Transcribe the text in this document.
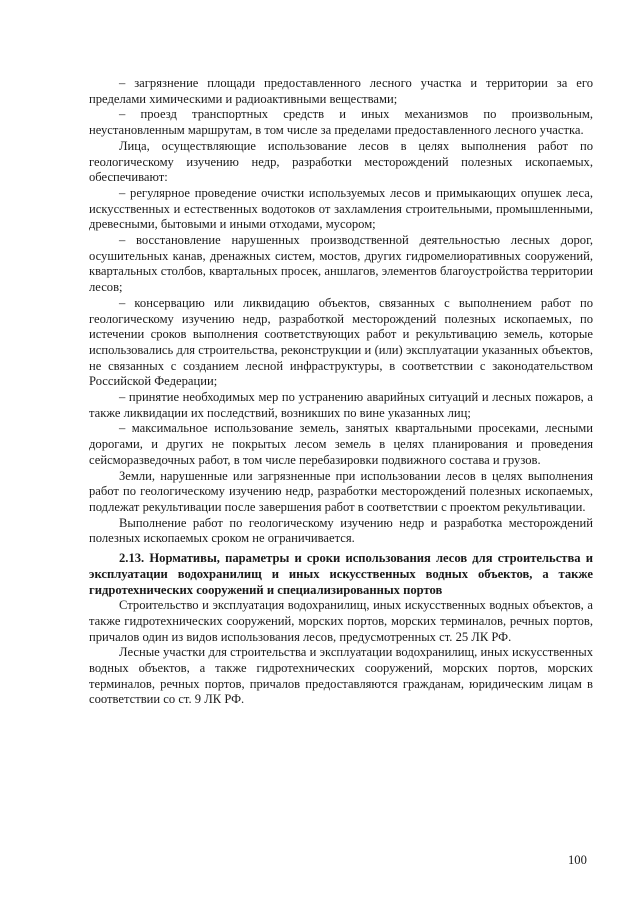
– загрязнение площади предоставленного лесного участка и территории за его пределами химическими и радиоактивными веществами;

– проезд транспортных средств и иных механизмов по произвольным, неустановленным маршрутам, в том числе за пределами предоставленного лесного участка.

Лица, осуществляющие использование лесов в целях выполнения работ по геологическому изучению недр, разработки месторождений полезных ископаемых, обеспечивают:

– регулярное проведение очистки используемых лесов и примыкающих опушек леса, искусственных и естественных водотоков от захламления строительными, промышленными, древесными, бытовыми и иными отходами, мусором;

– восстановление нарушенных производственной деятельностью лесных дорог, осушительных канав, дренажных систем, мостов, других гидромелиоративных сооружений, квартальных столбов, квартальных просек, аншлагов, элементов благоустройства территории лесов;

– консервацию или ликвидацию объектов, связанных с выполнением работ по геологическому изучению недр, разработкой месторождений полезных ископаемых, по истечении сроков выполнения соответствующих работ и рекультивацию земель, которые использовались для строительства, реконструкции и (или) эксплуатации указанных объектов, не связанных с созданием лесной инфраструктуры, в соответствии с законодательством Российской Федерации;

– принятие необходимых мер по устранению аварийных ситуаций и лесных пожаров, а также ликвидации их последствий, возникших по вине указанных лиц;

– максимальное использование земель, занятых квартальными просеками, лесными дорогами, и других не покрытых лесом земель в целях планирования и проведения сейсморазведочных работ, в том числе перебазировки подвижного состава и грузов.

Земли, нарушенные или загрязненные при использовании лесов в целях выполнения работ по геологическому изучению недр, разработки месторождений полезных ископаемых, подлежат рекультивации после завершения работ в соответствии с проектом рекультивации.

Выполнение работ по геологическому изучению недр и разработка месторождений полезных ископаемых сроком не ограничивается.

2.13. Нормативы, параметры и сроки использования лесов для строительства и эксплуатации водохранилищ и иных искусственных водных объектов, а также гидротехнических сооружений и специализированных портов

Строительство и эксплуатация водохранилищ, иных искусственных водных объектов, а также гидротехнических сооружений, морских портов, морских терминалов, речных портов, причалов один из видов использования лесов, предусмотренных ст. 25 ЛК РФ.

Лесные участки для строительства и эксплуатации водохранилищ, иных искусственных водных объектов, а также гидротехнических сооружений, морских портов, морских терминалов, речных портов, причалов предоставляются гражданам, юридическим лицам в соответствии со ст. 9 ЛК РФ.

100
